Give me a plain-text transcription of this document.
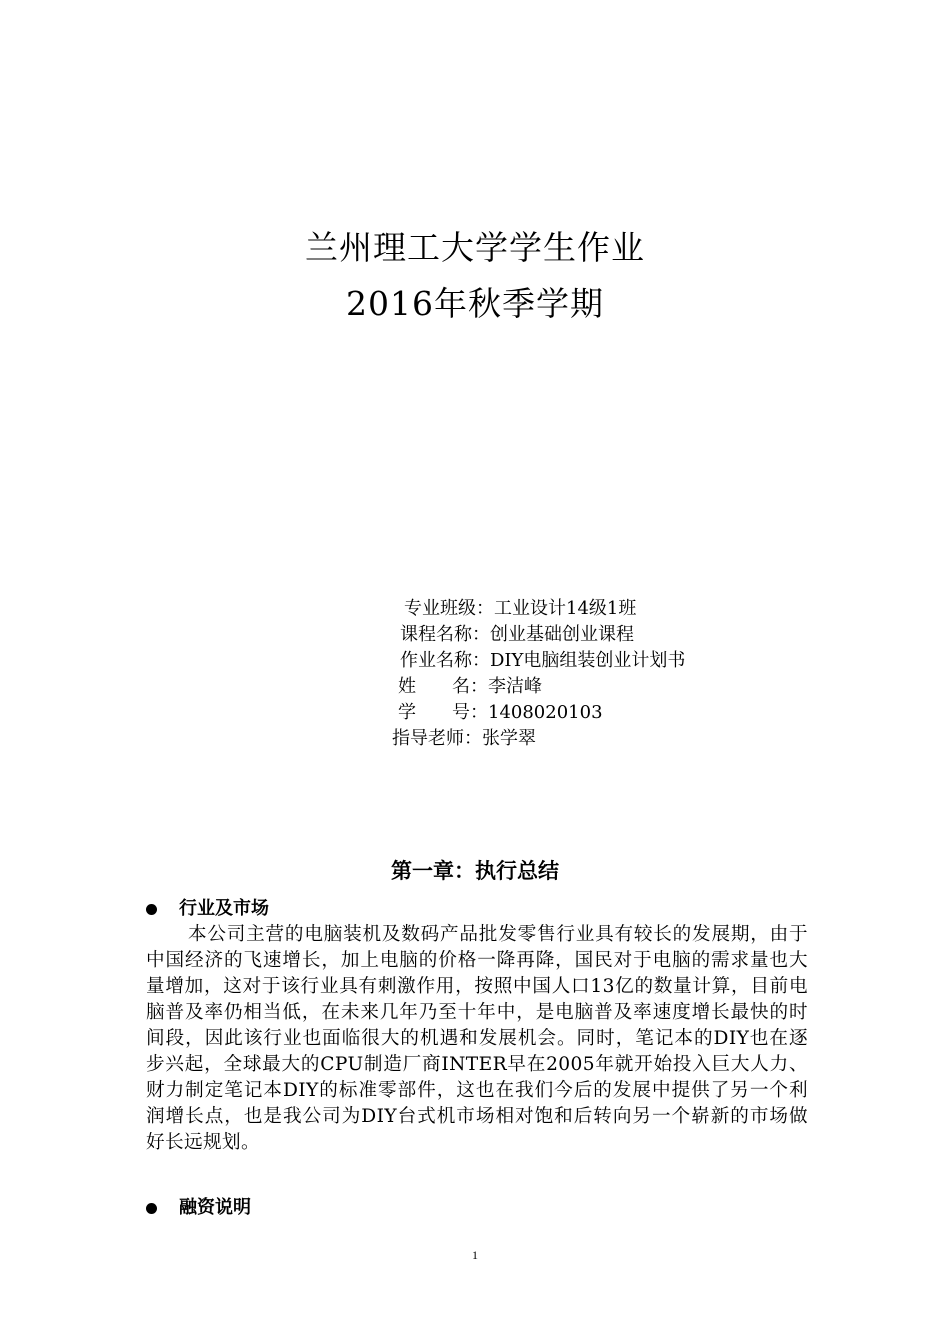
兰州理工大学学生作业
2016年秋季学期
专业班级 ： 工业设计14级1班
课程名称 ： 创业基础创业课程
作业名称 ： DIY电脑组装创业计划书
姓　　名 ： 李洁峰
学　　号 ： 1408020103
指导老师 ： 张学翠
第一章：执行总结
行业及市场
本公司主营的电脑装机及数码产品批发零售行业具有较长的发展期，由于中国经济的飞速增长，加上电脑的价格一降再降，国民对于电脑的需求量也大量增加，这对于该行业具有刺激作用，按照中国人口13亿的数量计算，目前电脑普及率仍相当低，在未来几年乃至十年中，是电脑普及率速度增长最快的时间段，因此该行业也面临很大的机遇和发展机会。同时，笔记本的DIY也在逐步兴起，全球最大的CPU制造厂商INTER早在2005年就开始投入巨大人力、财力制定笔记本DIY的标准零部件，这也在我们今后的发展中提供了另一个利润增长点，也是我公司为DIY台式机市场相对饱和后转向另一个崭新的市场做好长远规划。
融资说明
1
